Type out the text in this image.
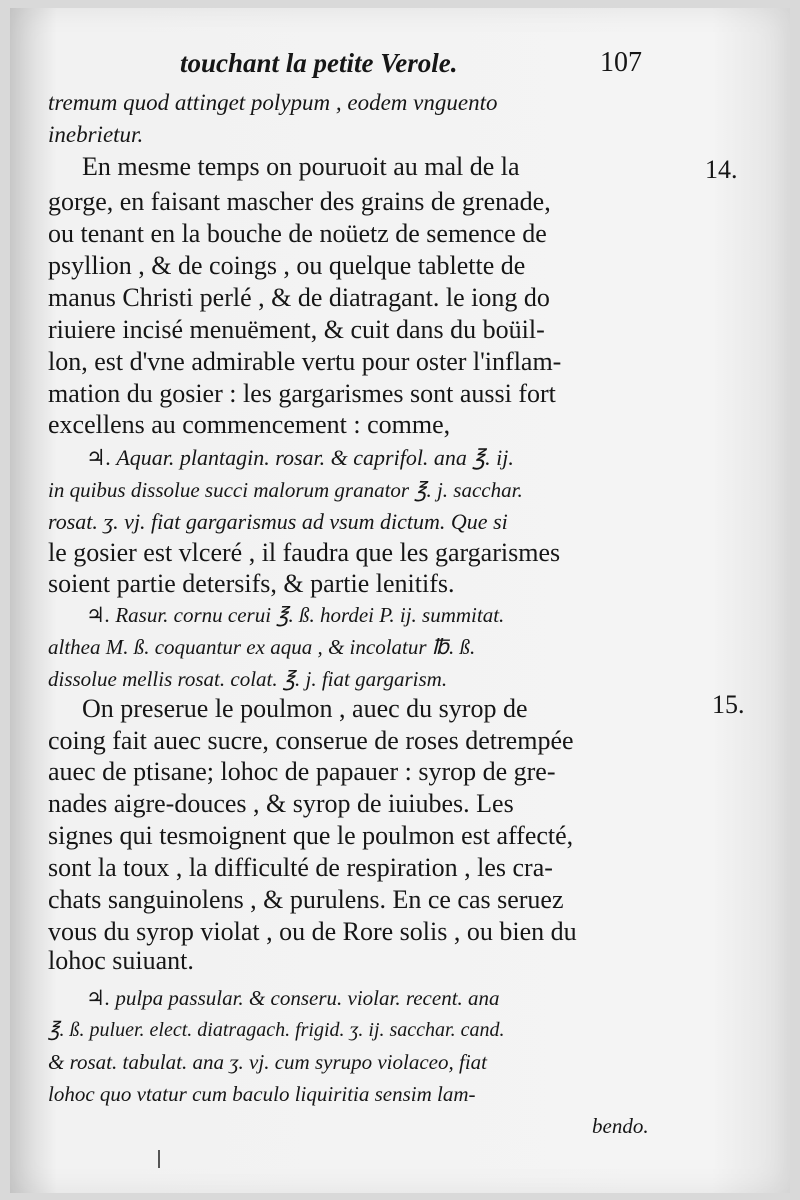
touchant la petite Verole.	107
14.
15.
tremum quod attinget polypum , eodem vnguento
inebrietur.
En mesme temps on pouruoit au mal de la
gorge, en faisant mascher des grains de grenade,
ou tenant en la bouche de noüetz de semence de
psyllion , & de coings , ou quelque tablette de
manus Christi perlé , & de diatragant. le iong do
riuiere incisé menuëment, & cuit dans du boüil-
lon, est d'vne admirable vertu pour oster l'inflam-
mation du gosier : les gargarismes sont aussi fort
excellens au commencement : comme,
♃. Aquar. plantagin. rosar. & caprifol. ana ℥. ij.
in quibus dissolue succi malorum granator ℥. j. sacchar.
rosat. ʒ. vj. fiat gargarismus ad vsum dictum. Que si
le gosier est vlceré , il faudra que les gargarismes
soient partie detersifs, & partie lenitifs.
♃. Rasur. cornu cerui ℥. ß. hordei P. ij. summitat.
althea M. ß. coquantur ex aqua , & incolatur ℔. ß.
dissolue mellis rosat. colat. ℥. j. fiat gargarism.
On preserue le poulmon , auec du syrop de
coing fait auec sucre, conserue de roses detrempée
auec de ptisane; lohoc de papauer : syrop de gre-
nades aigre-douces , & syrop de iuiubes. Les
signes qui tesmoignent que le poulmon est affecté,
sont la toux , la difficulté de respiration , les cra-
chats sanguinolens , & purulens. En ce cas seruez
vous du syrop violat , ou de Rore solis , ou bien du
lohoc suiuant.
♃. pulpa passular. & conseru. violar. recent. ana
℥. ß. puluer. elect. diatragach. frigid. ʒ. ij. sacchar. cand.
& rosat. tabulat. ana ʒ. vj. cum syrupo violaceo, fiat
lohoc quo vtatur cum baculo liquiritia sensim lam-
bendo.
